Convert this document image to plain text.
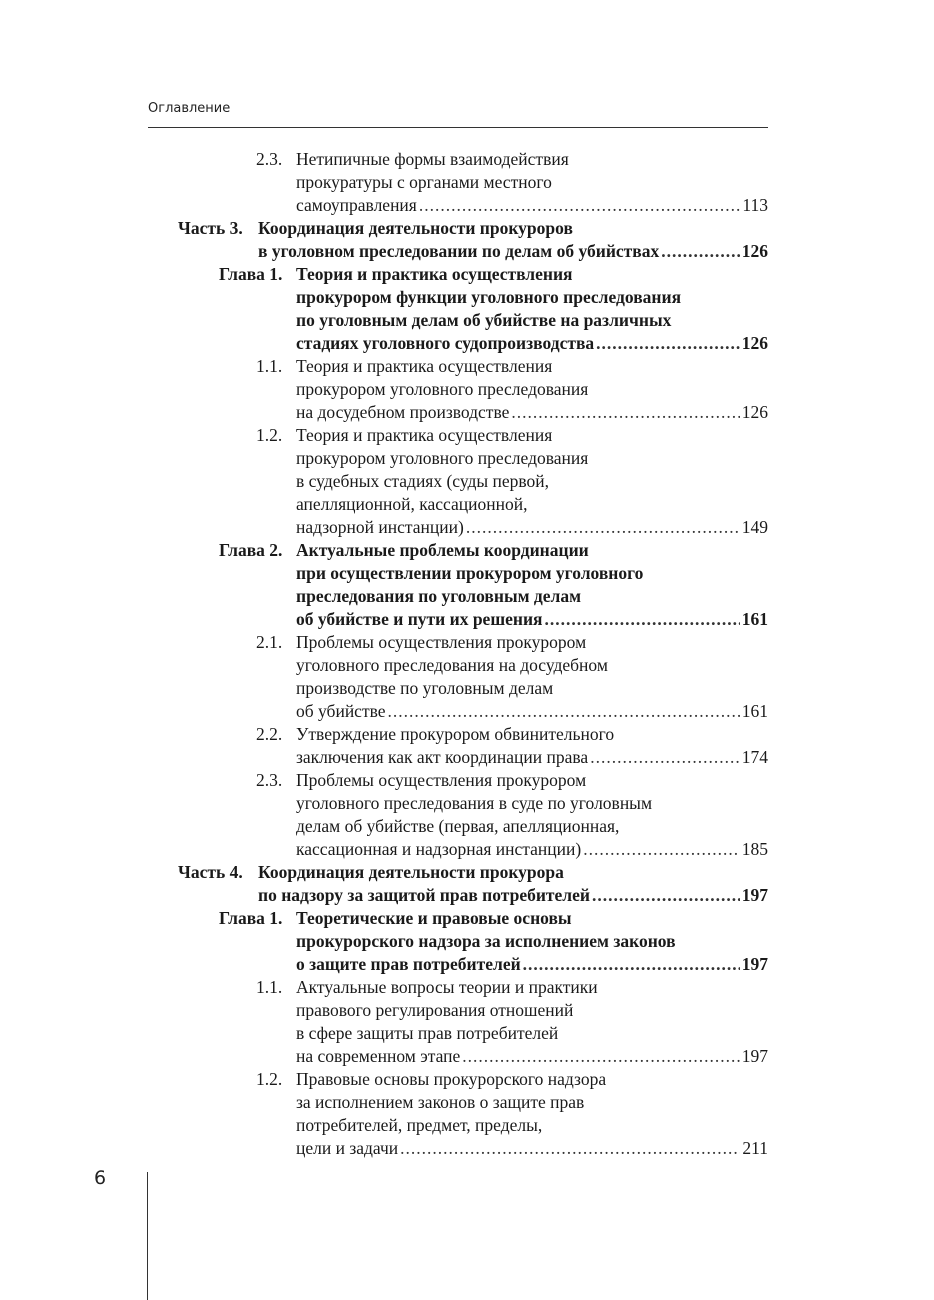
Оглавление
2.3. Нетипичные формы взаимодействия
прокуратуры с органами местного
самоуправления .....	113
Часть 3. Координация деятельности прокуроров
в уголовном преследовании по делам об убийствах .....	126
Глава 1. Теория и практика осуществления
прокурором функции уголовного преследования
по уголовным делам об убийстве на различных
стадиях уголовного судопроизводства .....	126
1.1. Теория и практика осуществления
прокурором уголовного преследования
на досудебном производстве .....	126
1.2. Теория и практика осуществления
прокурором уголовного преследования
в судебных стадиях (суды первой,
апелляционной, кассационной,
надзорной инстанции) .....	149
Глава 2. Актуальные проблемы координации
при осуществлении прокурором уголовного
преследования по уголовным делам
об убийстве и пути их решения .....	161
2.1. Проблемы осуществления прокурором
уголовного преследования на досудебном
производстве по уголовным делам
об убийстве .....	161
2.2. Утверждение прокурором обвинительного
заключения как акт координации права .....	174
2.3. Проблемы осуществления прокурором
уголовного преследования в суде по уголовным
делам об убийстве (первая, апелляционная,
кассационная и надзорная инстанции) .....	185
Часть 4. Координация деятельности прокурора
по надзору за защитой прав потребителей .....	197
Глава 1. Теоретические и правовые основы
прокурорского надзора за исполнением законов
о защите прав потребителей .....	197
1.1. Актуальные вопросы теории и практики
правового регулирования отношений
в сфере защиты прав потребителей
на современном этапе .....	197
1.2. Правовые основы прокурорского надзора
за исполнением законов о защите прав
потребителей, предмет, пределы,
цели и задачи .....	211
6
